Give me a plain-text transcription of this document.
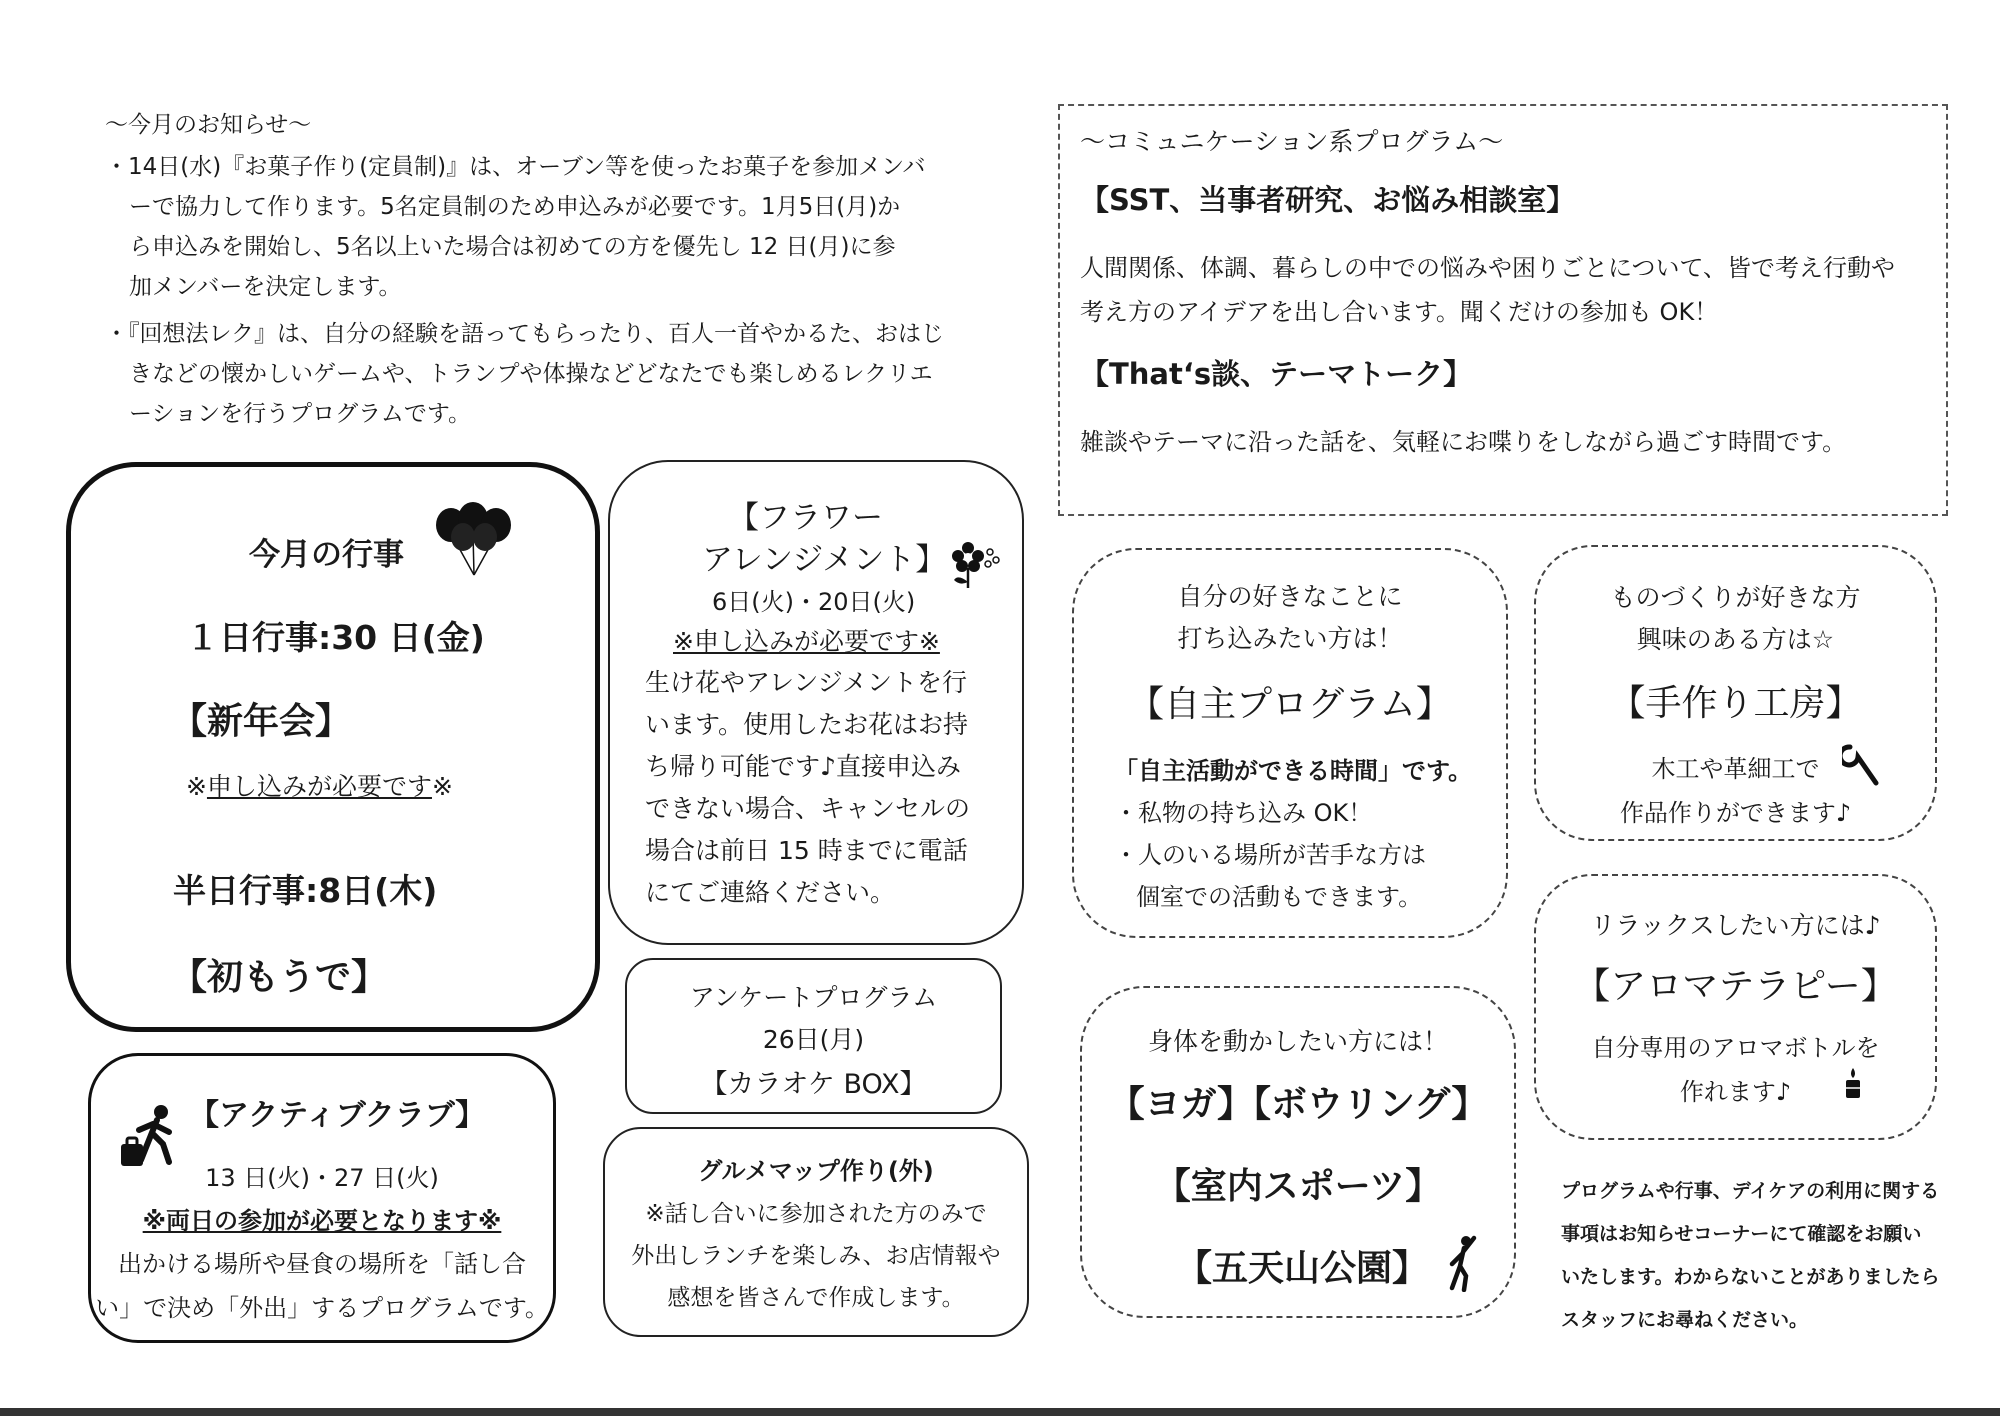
～今月のお知らせ～
・14日(水)『お菓子作り(定員制)』は、オーブン等を使ったお菓子を参加メンバ
ーで協力して作ります。5名定員制のため申込みが必要です。1月5日(月)か
ら申込みを開始し、5名以上いた場合は初めての方を優先し 12 日(月)に参
加メンバーを決定します。
・『回想法レク』は、自分の経験を語ってもらったり、百人一首やかるた、おはじ
きなどの懐かしいゲームや、トランプや体操などどなたでも楽しめるレクリエ
ーションを行うプログラムです。
今月の行事
１日行事:30 日(金)
【新年会】
※申し込みが必要です※
半日行事:8日(木)
【初もうで】
【フラワー
アレンジメント】
6日(火)・20日(火)
※申し込みが必要です※
生け花やアレンジメントを行
います。使用したお花はお持
ち帰り可能です♪直接申込み
できない場合、キャンセルの
場合は前日 15 時までに電話
にてご連絡ください。
アンケートプログラム
26日(月)
【カラオケ BOX】
グルメマップ作り(外)
※話し合いに参加された方のみで
外出しランチを楽しみ、お店情報や
感想を皆さんで作成します。
【アクティブクラブ】
13 日(火)・27 日(火)
※両日の参加が必要となります※
出かける場所や昼食の場所を「話し合
い」で決め「外出」するプログラムです。
～コミュニケーション系プログラム～
【SST、当事者研究、お悩み相談室】
人間関係、体調、暮らしの中での悩みや困りごとについて、皆で考え行動や
考え方のアイデアを出し合います。聞くだけの参加も OK！
【That‘s談、テーマトーク】
雑談やテーマに沿った話を、気軽にお喋りをしながら過ごす時間です。
自分の好きなことに
打ち込みたい方は！
【自主プログラム】
「自主活動ができる時間」です。
・私物の持ち込み OK！
・人のいる場所が苦手な方は
個室での活動もできます。
ものづくりが好きな方
興味のある方は☆
【手作り工房】
木工や革細工で
作品作りができます♪
リラックスしたい方には♪
【アロマテラピー】
自分専用のアロマボトルを
作れます♪
身体を動かしたい方には！
【ヨガ】【ボウリング】
【室内スポーツ】
【五天山公園】
プログラムや行事、デイケアの利用に関する
事項はお知らせコーナーにて確認をお願い
いたします。わからないことがありましたら
スタッフにお尋ねください。
